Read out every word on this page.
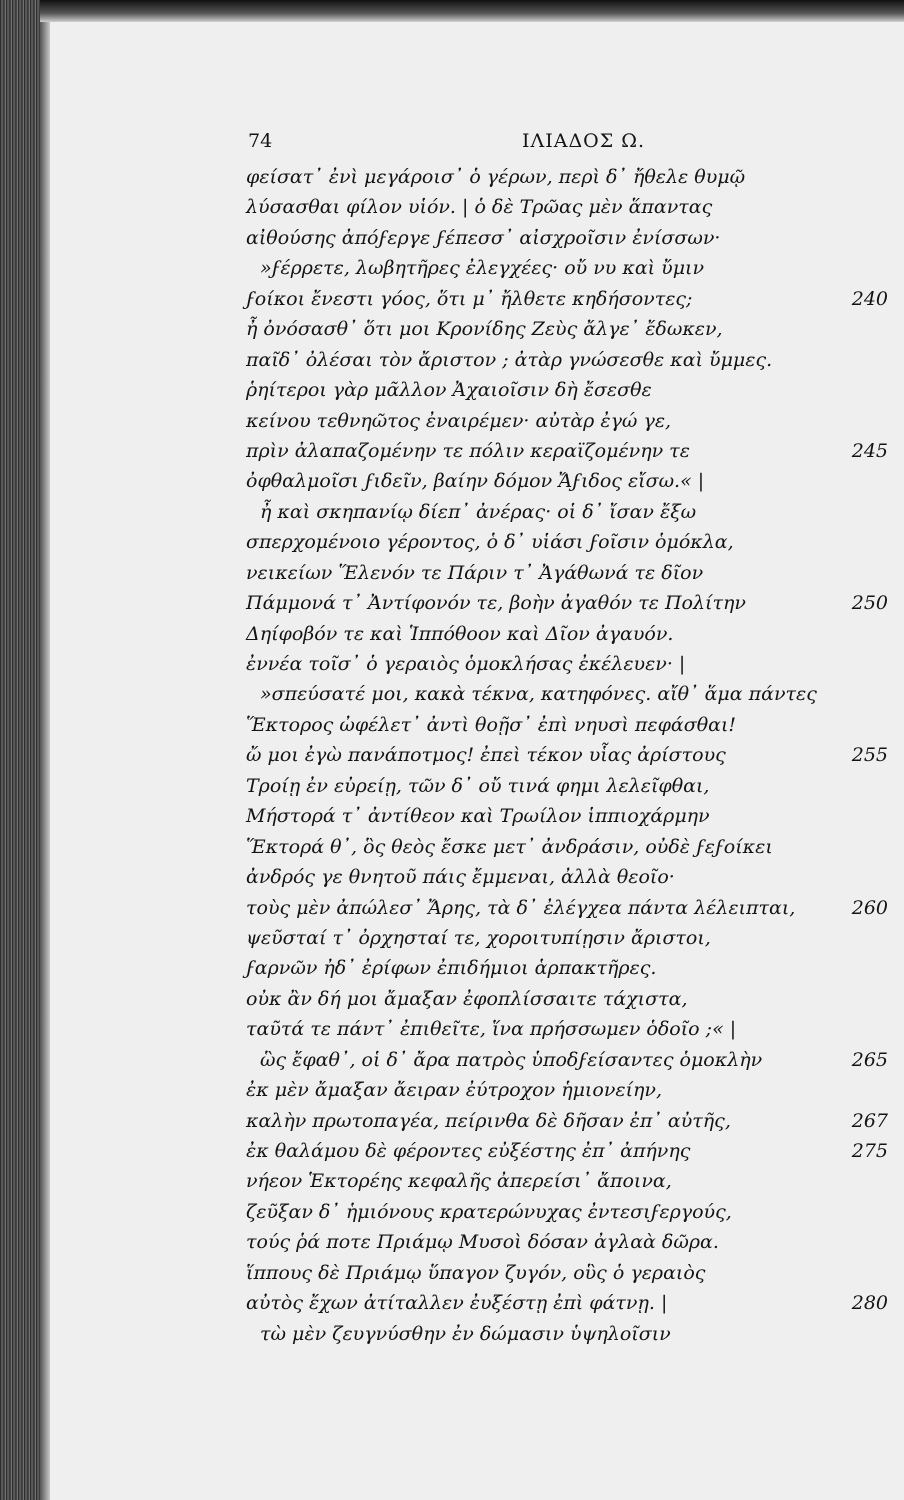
74	ΙΛΙΑΔΟΣ Ω.
φείσατ᾽ ἐνὶ μεγάροισ᾽ ὁ γέρων, περὶ δ᾽ ἤθελε θυμῷ
λύσασθαι φίλον υἱόν. | ὁ δὲ Τρῶας μὲν ἅπαντας
αἰθούσης ἀπόϝεργε ϝέπεσσ᾽ αἰσχροῖσιν ἐνίσσων·
»ϝέρρετε, λωβητῆρες ἐλεγχέες· οὔ νυ καὶ ὔμιν
ϝοίκοι ἔνεστι γόος, ὅτι μ᾽ ἤλθετε κηδήσοντες;	240
ἦ ὀνόσασθ᾽ ὅτι μοι Κρονίδης Ζεὺς ἄλγε᾽ ἔδωκεν,
παῖδ᾽ ὀλέσαι τὸν ἄριστον ; ἀτὰρ γνώσεσθε καὶ ὔμμες.
ῥηίτεροι γὰρ μᾶλλον Ἀχαιοῖσιν δὴ ἔσεσθε
κείνου τεθνηῶτος ἐναιρέμεν· αὐτὰρ ἐγώ γε,
πρὶν ἀλαπαζομένην τε πόλιν κεραϊζομένην τε	245
ὀφθαλμοῖσι ϝιδεῖν, βαίην δόμον Ἄϝιδος εἴσω.« |
ἦ καὶ σκηπανίῳ δίεπ᾽ ἀνέρας· οἱ δ᾽ ἴσαν ἔξω
σπερχομένοιο γέροντος, ὁ δ᾽ υἱάσι ϝοῖσιν ὁμόκλα,
νεικείων Ἕλενόν τε Πάριν τ᾽ Ἀγάθωνά τε δῖον
Πάμμονά τ᾽ Ἀντίφονόν τε, βοὴν ἀγαθόν τε Πολίτην	250
Δηίφοβόν τε καὶ Ἱππόθοον καὶ Δῖον ἀγαυόν.
ἐννέα τοῖσ᾽ ὁ γεραιὸς ὁμοκλήσας ἐκέλευεν· |
»σπεύσατέ μοι, κακὰ τέκνα, κατηφόνες. αἴθ᾽ ἅμα πάντες
Ἕκτορος ὠφέλετ᾽ ἀντὶ θοῇσ᾽ ἐπὶ νηυσὶ πεφάσθαι!
ὤ μοι ἐγὼ πανάποτμος! ἐπεὶ τέκον υἷας ἀρίστους	255
Τροίῃ ἐν εὐρείῃ, τῶν δ᾽ οὔ τινά φημι λελεῖφθαι,
Μήστορά τ᾽ ἀντίθεον καὶ Τρωίλον ἱππιοχάρμην
Ἕκτορά θ᾽, ὃς θεὸς ἔσκε μετ᾽ ἀνδράσιν, οὐδὲ ϝεϝοίκει
ἀνδρός γε θνητοῦ πάις ἔμμεναι, ἀλλὰ θεοῖο·
τοὺς μὲν ἀπώλεσ᾽ Ἄρης, τὰ δ᾽ ἐλέγχεα πάντα λέλειπται,	260
ψεῦσταί τ᾽ ὀρχησταί τε, χοροιτυπίῃσιν ἄριστοι,
ϝαρνῶν ἠδ᾽ ἐρίφων ἐπιδήμιοι ἁρπακτῆρες.
οὐκ ἂν δή μοι ἄμαξαν ἐφοπλίσσαιτε τάχιστα,
ταῦτά τε πάντ᾽ ἐπιθεῖτε, ἵνα πρήσσωμεν ὁδοῖο ;« |
ὣς ἔφαθ᾽, οἱ δ᾽ ἄρα πατρὸς ὑποδϝείσαντες ὁμοκλὴν	265
ἐκ μὲν ἄμαξαν ἄειραν ἐύτροχον ἡμιονείην,
καλὴν πρωτοπαγέα, πείρινθα δὲ δῆσαν ἐπ᾽ αὐτῆς,	267
ἐκ θαλάμου δὲ φέροντες εὐξέστης ἐπ᾽ ἀπήνης	275
νήεον Ἑκτορέης κεφαλῆς ἀπερείσι᾽ ἄποινα,
ζεῦξαν δ᾽ ἡμιόνους κρατερώνυχας ἐντεσιϝεργούς,
τούς ῥά ποτε Πριάμῳ Μυσοὶ δόσαν ἀγλαὰ δῶρα.
ἵππους δὲ Πριάμῳ ὕπαγον ζυγόν, οὓς ὁ γεραιὸς
αὐτὸς ἔχων ἀτίταλλεν ἐυξέστῃ ἐπὶ φάτνῃ. |	280
τὼ μὲν ζευγνύσθην ἐν δώμασιν ὑψηλοῖσιν
